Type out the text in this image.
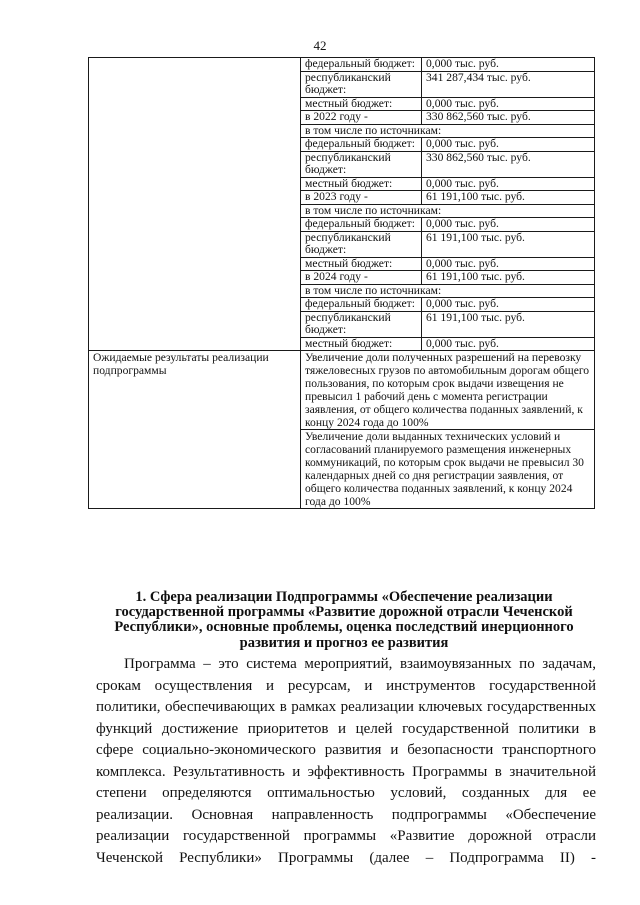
42
	федеральный бюджет:	0,000 тыс. руб.
	республиканский бюджет:	341 287,434 тыс. руб.
	местный бюджет:	0,000 тыс. руб.
	в 2022 году -	330 862,560 тыс. руб.
	в том числе по источникам:	
	федеральный бюджет:	0,000 тыс. руб.
	республиканский бюджет:	330 862,560 тыс. руб.
	местный бюджет:	0,000 тыс. руб.
	в 2023 году -	61 191,100 тыс. руб.
	в том числе по источникам:	
	федеральный бюджет:	0,000 тыс. руб.
	республиканский бюджет:	61 191,100 тыс. руб.
	местный бюджет:	0,000 тыс. руб.
	в 2024 году -	61 191,100 тыс. руб.
	в том числе по источникам:	
	федеральный бюджет:	0,000 тыс. руб.
	республиканский бюджет:	61 191,100 тыс. руб.
	местный бюджет:	0,000 тыс. руб.
Ожидаемые результаты реализации подпрограммы	Увеличение доли полученных разрешений на перевозку тяжеловесных грузов по автомобильным дорогам общего пользования, по которым срок выдачи извещения не превысил 1 рабочий день с момента регистрации заявления, от общего количества поданных заявлений, к концу 2024 года до 100%	
	Увеличение доли выданных технических условий и согласований планируемого размещения инженерных коммуникаций, по которым срок выдачи не превысил 30 календарных дней со дня регистрации заявления, от общего количества поданных заявлений, к концу 2024 года до 100%	
1. Сфера реализации Подпрограммы «Обеспечение реализации государственной программы «Развитие дорожной отрасли Чеченской Республики», основные проблемы, оценка последствий инерционного развития и прогноз ее развития

Программа – это система мероприятий, взаимоувязанных по задачам, срокам осуществления и ресурсам, и инструментов государственной политики, обеспечивающих в рамках реализации ключевых государственных функций достижение приоритетов и целей государственной политики в сфере социально-экономического развития и безопасности транспортного комплекса. Результативность и эффективность Программы в значительной степени определяются оптимальностью условий, созданных для ее реализации. Основная направленность подпрограммы «Обеспечение реализации государственной программы «Развитие дорожной отрасли Чеченской Республики» Программы (далее – Подпрограмма II) -
